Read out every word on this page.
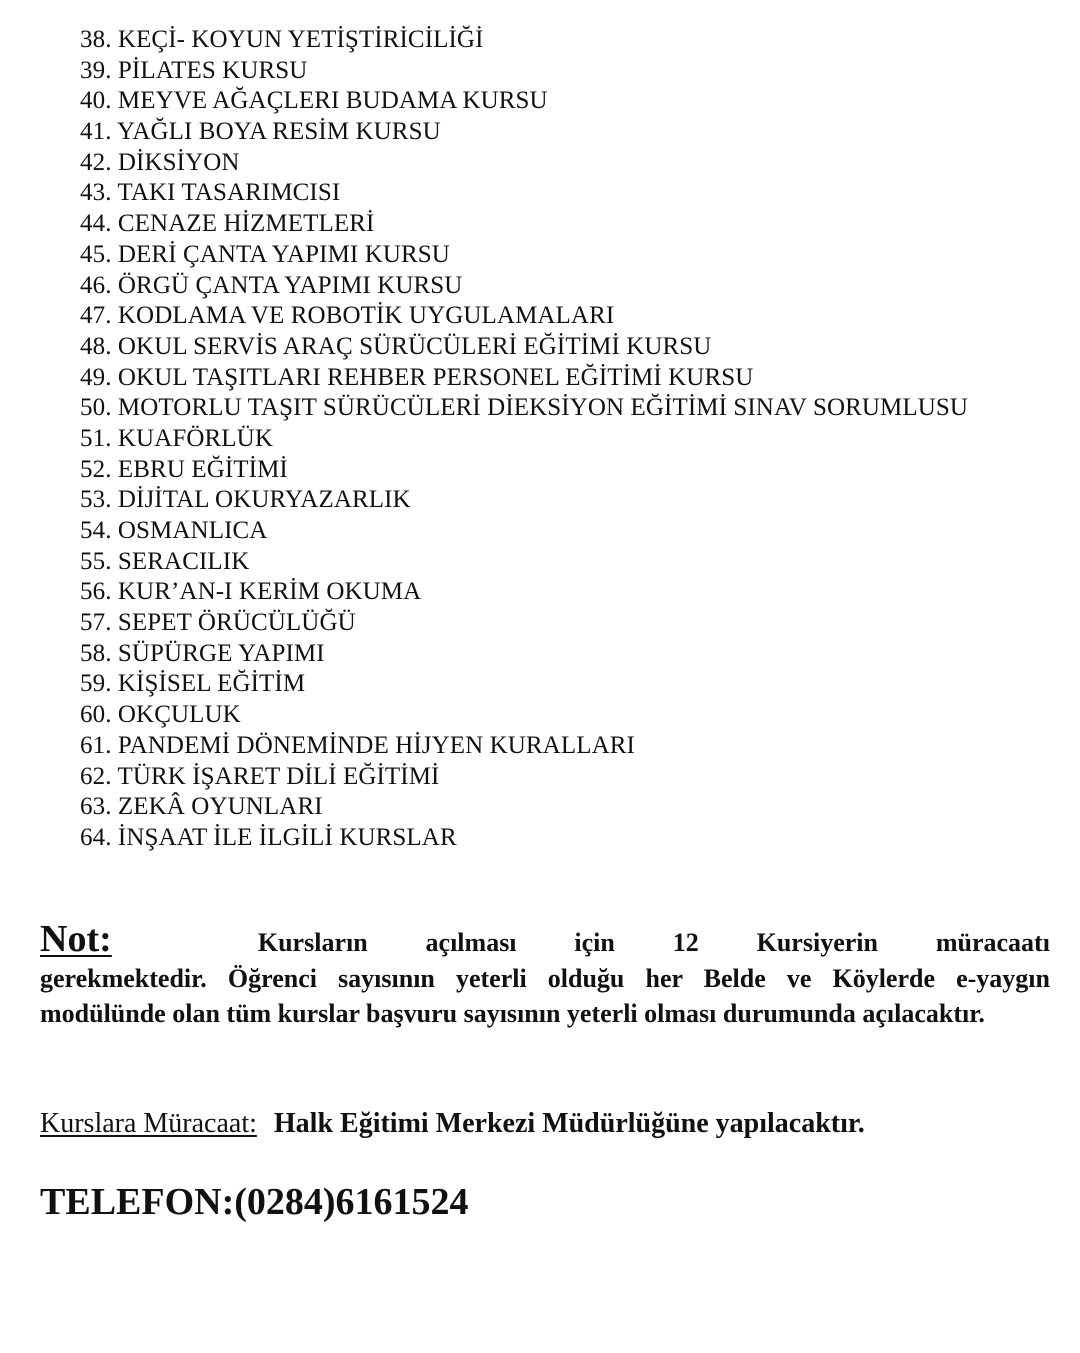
38. KEÇİ- KOYUN YETİŞTİRİCİLİĞİ
39. PİLATES KURSU
40. MEYVE AĞAÇLERI BUDAMA KURSU
41. YAĞLI BOYA RESİM KURSU
42. DİKSİYON
43. TAKI TASARIMCISI
44. CENAZE HİZMETLERİ
45. DERİ ÇANTA YAPIMI KURSU
46. ÖRGÜ ÇANTA YAPIMI KURSU
47. KODLAMA VE ROBOTİK UYGULAMALARI
48. OKUL SERVİS ARAÇ SÜRÜCÜLERİ EĞİTİMİ KURSU
49. OKUL TAŞITLARI REHBER PERSONEL EĞİTİMİ KURSU
50. MOTORLU TAŞIT SÜRÜCÜLERİ DİEKSİYON EĞİTİMİ SINAV SORUMLUSU
51. KUAFÖRLÜK
52. EBRU EĞİTİMİ
53. DİJİTAL OKURYAZARLIK
54. OSMANLICA
55. SERACILIK
56. KUR’AN-I KERİM OKUMA
57. SEPET ÖRÜCÜLÜĞÜ
58. SÜPÜRGE YAPIMI
59. KİŞİSEL EĞİTİM
60. OKÇULUK
61. PANDEMİ DÖNEMİNDE HİJYEN KURALLARI
62. TÜRK İŞARET DİLİ EĞİTİMİ
63. ZEKÂ OYUNLARI
64. İNŞAAT İLE İLGİLİ KURSLAR
Not:	Kursların açılması için 12 Kursiyerin müracaatı
gerekmektedir. Öğrenci sayısının yeterli olduğu her Belde ve Köylerde e-yaygın modülünde olan tüm kurslar başvuru sayısının yeterli olması durumunda açılacaktır.
Kurslara Müracaat: Halk Eğitimi Merkezi Müdürlüğüne yapılacaktır.
TELEFON:(0284)6161524
